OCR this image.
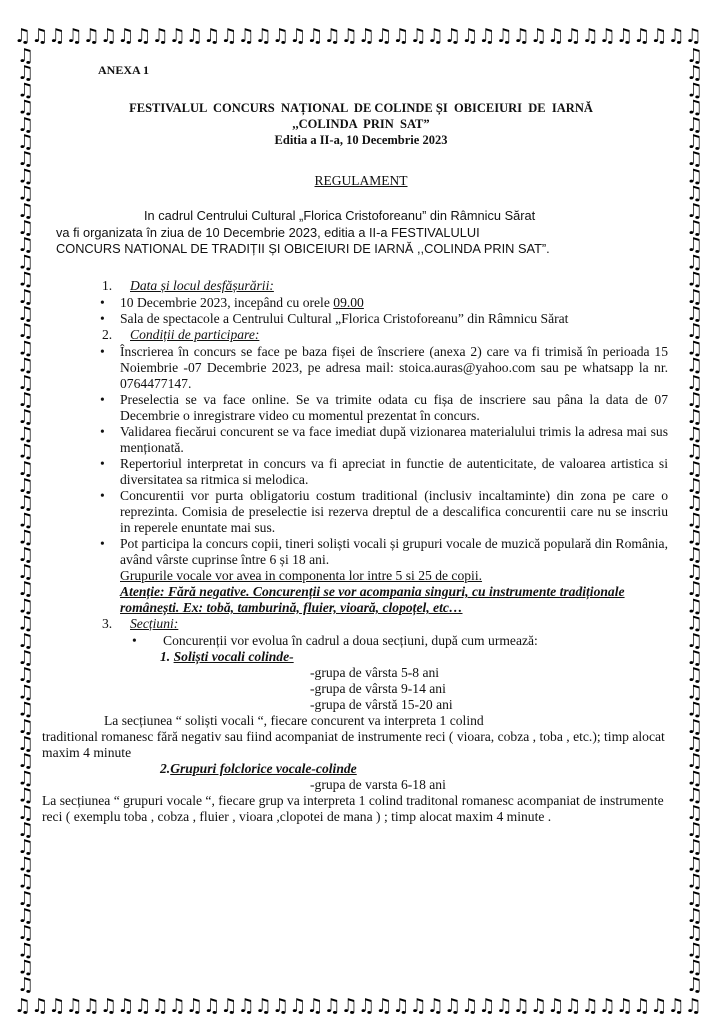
♫
♫
♫
♫
♫
♫
♫
♫
♫
♫
♫
♫
♫
♫
♫
♫
♫
♫
♫
♫
♫
♫
♫
♫
♫
♫
♫
♫
♫
♫
♫
♫
♫
♫
♫
♫
♫
♫
♫
♫
♫
♫
♫
♫
♫
♫
♫
♫
♫
♫
♫
♫
♫
♫
♫
♫
♫
♫
♫
♫
♫
♫
♫
♫
♫
♫
♫
♫
♫
♫
♫
♫
♫
♫
♫
♫
♫
♫
♫
♫
♫	♫
♫	♫
♫	♫
♫	♫
♫	♫
♫	♫
♫	♫
♫	♫
♫	♫
♫	♫
♫	♫
♫	♫
♫	♫
♫	♫
♫	♫
♫	♫
♫	♫
♫	♫
♫	♫
♫	♫
♫	♫
♫	♫
♫	♫
♫	♫
♫	♫
♫	♫
♫	♫
♫	♫
♫	♫
♫	♫
♫	♫
♫	♫
♫	♫
♫	♫
♫	♫
♫	♫
♫	♫
♫	♫
♫	♫
♫	♫
♫	♫
♫	♫
♫	♫
♫	♫
♫	♫
♫	♫
♫	♫
♫	♫
♫	♫
♫	♫
♫	♫
♫	♫
♫	♫
♫	♫
♫	♫
ANEXA 1
FESTIVALUL  CONCURS  NAȚIONAL  DE COLINDE ȘI  OBICEIURI  DE  IARNĂ
,,COLINDA  PRIN  SAT”
Editia a II-a, 10 Decembrie 2023
REGULAMENT
In cadrul Centrului Cultural „Florica Cristoforeanu” din Râmnicu Sărat
va fi organizata în ziua de 10 Decembrie 2023, editia a II-a FESTIVALULUI
CONCURS NATIONAL DE TRADIȚII ȘI OBICEIURI DE IARNĂ ,,COLINDA PRIN SAT”.
1. Data și locul desfășurării:
• 10 Decembrie 2023, incepând cu orele 09.00
• Sala de spectacole a Centrului Cultural „Florica Cristoforeanu” din Râmnicu Sărat
2. Condiții de participare:
• Înscrierea în concurs se face pe baza fișei de înscriere (anexa 2) care va fi trimisă în perioada 15 Noiembrie -07 Decembrie 2023, pe adresa mail: stoica.auras@yahoo.com sau pe whatsapp la nr. 0764477147.
• Preselectia se va face online. Se va trimite odata cu fișa de inscriere sau pâna la data de 07 Decembrie o inregistrare video cu momentul prezentat în concurs.
• Validarea fiecărui concurent se va face imediat după vizionarea materialului trimis la adresa mai sus menționată.
• Repertoriul interpretat in concurs va fi apreciat in functie de autenticitate, de valoarea artistica si diversitatea sa ritmica si melodica.
• Concurentii vor purta obligatoriu costum traditional (inclusiv incaltaminte) din zona pe care o reprezinta. Comisia de preselectie isi rezerva dreptul de a descalifica concurentii care nu se inscriu in reperele enuntate mai sus.
• Pot participa la concurs copii, tineri soliști vocali și grupuri vocale de muzică populară din România, având vârste cuprinse între 6 și 18 ani.
Grupurile vocale vor avea in componenta lor intre 5 si 25 de copii.
Atenție: Fără negative. Concurenții se vor acompania singuri, cu instrumente tradiționale românești. Ex: tobă, tamburină, fluier, vioară, clopoțel, etc…
3. Secțiuni:
• Concurenții vor evolua în cadrul a doua secțiuni, după cum urmează:
1. Soliști vocali colinde-
-grupa de vârsta 5-8 ani
-grupa de vârsta 9-14 ani
-grupa de vârstă 15-20 ani
La secțiunea “ soliști vocali “, fiecare concurent va interpreta 1 colind
traditional romanesc fără negativ sau fiind acompaniat de instrumente reci ( vioara, cobza , toba , etc.); timp alocat maxim 4 minute
2.Grupuri folclorice vocale-colinde
-grupa de varsta 6-18 ani
La secțiunea “ grupuri vocale “, fiecare grup va interpreta 1 colind traditonal romanesc acompaniat de instrumente reci ( exemplu toba , cobza , fluier , vioara ,clopotei de mana ) ; timp alocat maxim 4 minute .
